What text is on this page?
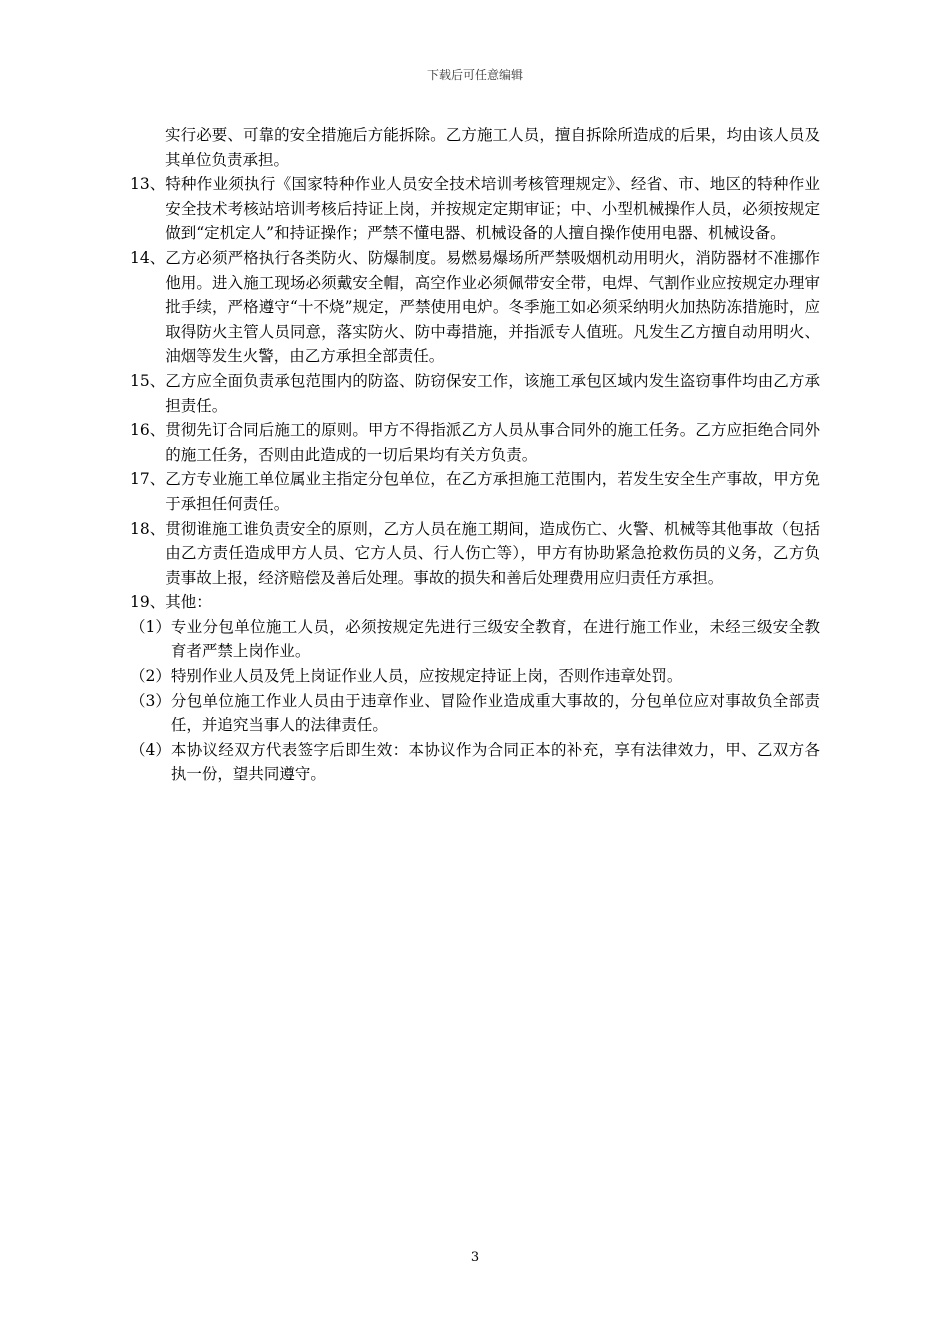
下载后可任意编辑
实行必要、可靠的安全措施后方能拆除。乙方施工人员，擅自拆除所造成的后果，均由该人员及其单位负责承担。
13、 特种作业须执行《国家特种作业人员安全技术培训考核管理规定》、经省、市、地区的特种作业安全技术考核站培训考核后持证上岗，并按规定定期审证；中、小型机械操作人员，必须按规定做到“定机定人”和持证操作；严禁不懂电器、机械设备的人擅自操作使用电器、机械设备。
14、 乙方必须严格执行各类防火、防爆制度。易燃易爆场所严禁吸烟机动用明火，消防器材不准挪作他用。进入施工现场必须戴安全帽，高空作业必须佩带安全带，电焊、气割作业应按规定办理审批手续，严格遵守“十不烧”规定，严禁使用电炉。冬季施工如必须采纳明火加热防冻措施时，应取得防火主管人员同意，落实防火、防中毒措施，并指派专人值班。凡发生乙方擅自动用明火、油烟等发生火警，由乙方承担全部责任。
15、 乙方应全面负责承包范围内的防盗、防窃保安工作，该施工承包区域内发生盗窃事件均由乙方承担责任。
16、 贯彻先订合同后施工的原则。甲方不得指派乙方人员从事合同外的施工任务。乙方应拒绝合同外的施工任务，否则由此造成的一切后果均有关方负责。
17、 乙方专业施工单位属业主指定分包单位，在乙方承担施工范围内，若发生安全生产事故，甲方免于承担任何责任。
18、 贯彻谁施工谁负责安全的原则，乙方人员在施工期间，造成伤亡、火警、机械等其他事故（包括由乙方责任造成甲方人员、它方人员、行人伤亡等），甲方有协助紧急抢救伤员的义务，乙方负责事故上报，经济赔偿及善后处理。事故的损失和善后处理费用应归责任方承担。
19、 其他：
（1） 专业分包单位施工人员，必须按规定先进行三级安全教育，在进行施工作业，未经三级安全教育者严禁上岗作业。
（2） 特别作业人员及凭上岗证作业人员，应按规定持证上岗，否则作违章处罚。
（3） 分包单位施工作业人员由于违章作业、冒险作业造成重大事故的，分包单位应对事故负全部责任，并追究当事人的法律责任。
（4） 本协议经双方代表签字后即生效：本协议作为合同正本的补充，享有法律效力，甲、乙双方各执一份，望共同遵守。
3
